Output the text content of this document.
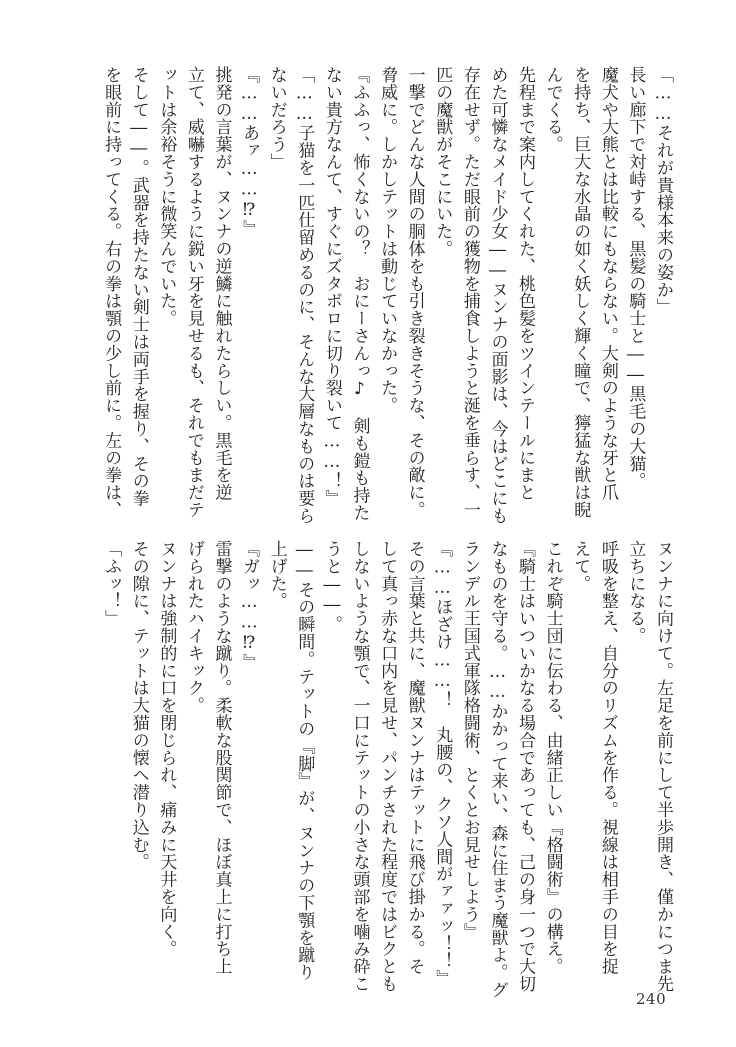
「……それが貴様本来の姿か」
長い廊下で対峙する、黒髪の騎士と――黒毛の大猫。
魔犬や大熊とは比較にもならない。大剣のような牙と爪
を持ち、巨大な水晶の如く妖しく輝く瞳で、獰猛な獣は睨
んでくる。
先程まで案内してくれた、桃色髪をツインテールにまと
めた可憐なメイド少女――ヌンナの面影は、今はどこにも
存在せず。ただ眼前の獲物を捕食しようと涎を垂らす、一
匹の魔獣がそこにいた。
一撃でどんな人間の胴体をも引き裂きそうな、その敵に。
脅威に。しかしテットは動じていなかった。
『ふふっ、怖くないの？　おにーさんっ♪　剣も鎧も持た
ない貴方なんて、すぐにズタボロに切り裂いて……！』
「……子猫を一匹仕留めるのに、そんな大層なものは要ら
ないだろう」
『……あァ……⁉』
挑発の言葉が、ヌンナの逆鱗に触れたらしい。黒毛を逆
立て、威嚇するように鋭い牙を見せるも、それでもまだテ
ットは余裕そうに微笑んでいた。
そして――。武器を持たない剣士は両手を握り、その拳
を眼前に持ってくる。右の拳は顎の少し前に。左の拳は、
ヌンナに向けて。左足を前にして半歩開き、僅かにつま先
立ちになる。
呼吸を整え、自分のリズムを作る。視線は相手の目を捉
えて。
これぞ騎士団に伝わる、由緒正しい『格闘術』の構え。
『騎士はいついかなる場合であっても、己の身一つで大切
なものを守る。……かかって来い、森に住まう魔獣よ。グ
ランデル王国式軍隊格闘術、とくとお見せしよう』
『……ほざけ……！　丸腰の、クソ人間がァァッ！！』
その言葉と共に、魔獣ヌンナはテットに飛び掛かる。そ
して真っ赤な口内を見せ、パンチされた程度ではビクとも
しないような顎で、一口にテットの小さな頭部を噛み砕こ
うと――。
――その瞬間。テットの『脚』が、ヌンナの下顎を蹴り
上げた。
『ガッ……⁉』
雷撃のような蹴り。柔軟な股関節で、ほぼ真上に打ち上
げられたハイキック。
ヌンナは強制的に口を閉じられ、痛みに天井を向く。
その隙に、テットは大猫の懐へ潜り込む。
「ふッ！」
240
